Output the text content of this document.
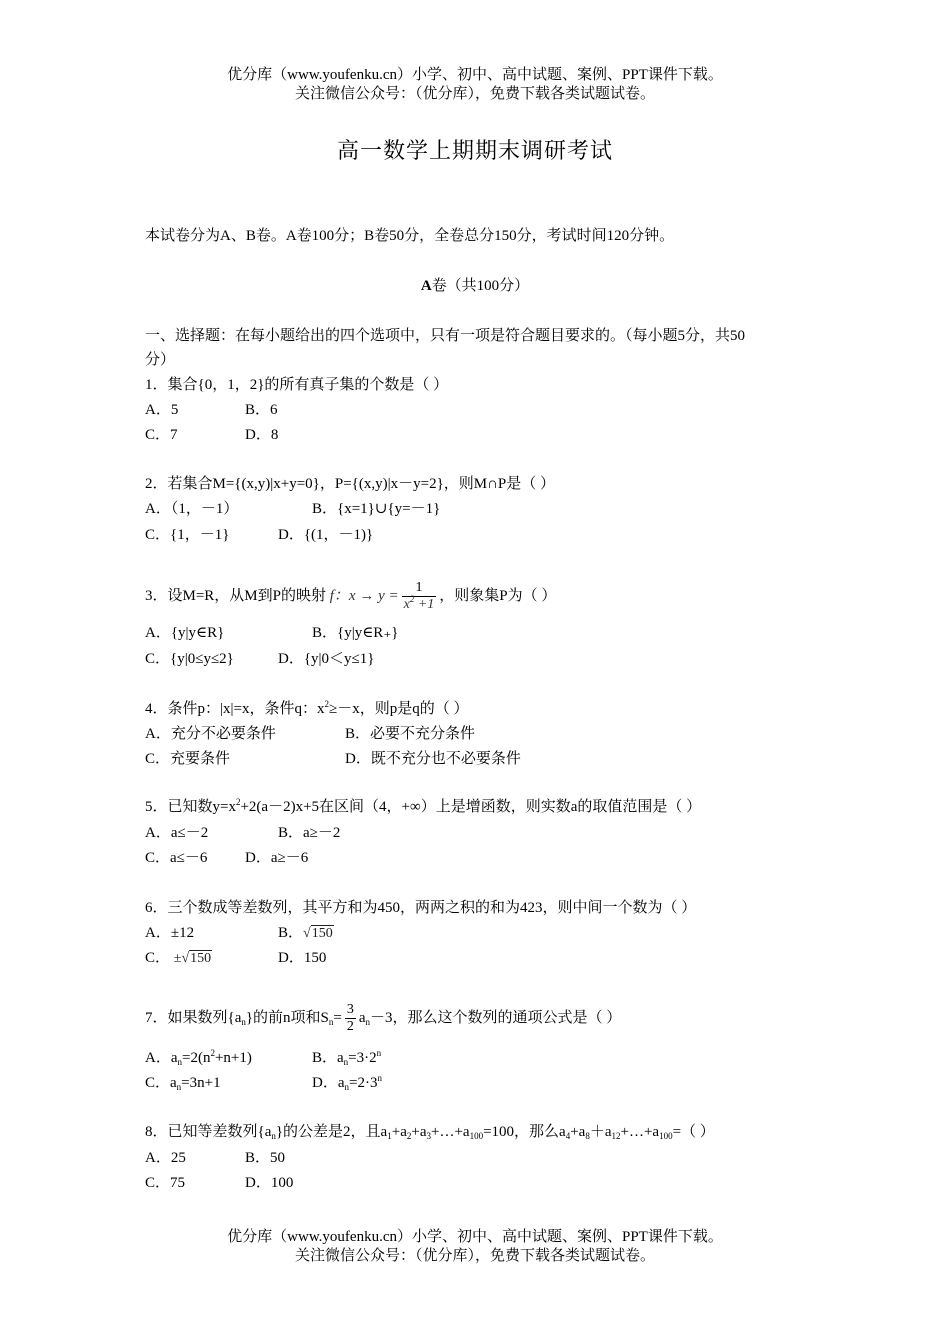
优分库（www.youfenku.cn）小学、初中、高中试题、案例、PPT课件下载。
关注微信公众号：（优分库），免费下载各类试题试卷。
高一数学上期期末调研考试
本试卷分为A、B卷。A卷100分；B卷50分，全卷总分150分，考试时间120分钟。
A卷（共100分）
一、选择题：在每小题给出的四个选项中，只有一项是符合题目要求的。（每小题5分，共50
分）
1．集合{0，1，2}的所有真子集的个数是（ ）
A．5	B．6
C．7	D．8
2．若集合M={(x,y)|x+y=0}，P={(x,y)|x－y=2}，则M∩P是（ ）
A．（1，－1）	B．{x=1}∪{y=－1}
C．{1，－1}	D．{(1，－1)}
3．设M=R，从M到P的映射 f：$x \to y = \frac{1}{x^2 +1}$ ，则象集P为（ ）
A．{y|y∈R}	B．{y|y∈R₊}
C．{y|0≤y≤2}	D．{y|0＜y≤1}
4．条件p：|x|=x，条件q：$x^2\ge-x$，则p是q的（ ）
A．充分不必要条件	B．必要不充分条件
C．充要条件	D．既不充分也不必要条件
5．已知数$y=x^2+2(a-2)x+5$在区间（4，+∞）上是增函数，则实数a的取值范围是（ ）
A．a≤－2	B．a≥－2
C．a≤－6	D．a≥－6
6．三个数成等差数列，其平方和为450，两两之积的和为423，则中间一个数为（ ）
A．±12	B．√150
C． ±√150	D．150
7．如果数列$\{a_n\}$的前n项和$S_n= \frac{3}{2} a_n-3$，那么这个数列的通项公式是（ ）
A．$a_n=2(n^2+n+1)$	B．$a_n=3\cdot 2^n$
C．$a_n=3n+1$	D．$a_n=2\cdot 3^n$
8．已知等差数列$\{a_n\}$的公差是2，且$a_1+a_2+a_3+\dots+a_{100}=100$，那么$a_4+a_8+a_{12}+\dots+a_{100}=$（ ）
A．25	B．50
C．75	D．100
优分库（www.youfenku.cn）小学、初中、高中试题、案例、PPT课件下载。
关注微信公众号：（优分库），免费下载各类试题试卷。
